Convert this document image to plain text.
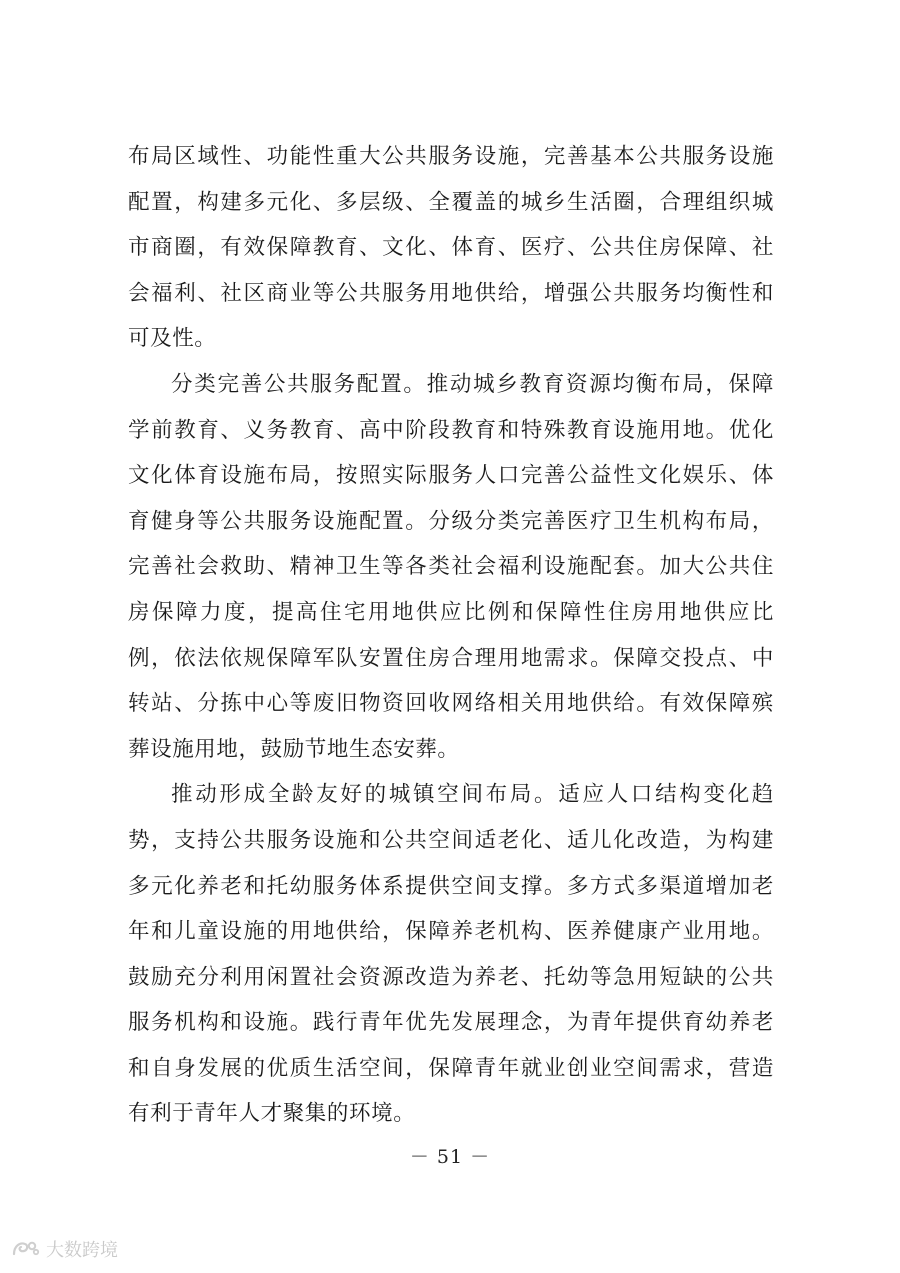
布局区域性、功能性重大公共服务设施，完善基本公共服务设施
配置，构建多元化、多层级、全覆盖的城乡生活圈，合理组织城
市商圈，有效保障教育、文化、体育、医疗、公共住房保障、社
会福利、社区商业等公共服务用地供给，增强公共服务均衡性和
可及性。

分类完善公共服务配置。推动城乡教育资源均衡布局，保障
学前教育、义务教育、高中阶段教育和特殊教育设施用地。优化
文化体育设施布局，按照实际服务人口完善公益性文化娱乐、体
育健身等公共服务设施配置。分级分类完善医疗卫生机构布局，
完善社会救助、精神卫生等各类社会福利设施配套。加大公共住
房保障力度，提高住宅用地供应比例和保障性住房用地供应比
例，依法依规保障军队安置住房合理用地需求。保障交投点、中
转站、分拣中心等废旧物资回收网络相关用地供给。有效保障殡
葬设施用地，鼓励节地生态安葬。

推动形成全龄友好的城镇空间布局。适应人口结构变化趋
势，支持公共服务设施和公共空间适老化、适儿化改造，为构建
多元化养老和托幼服务体系提供空间支撑。多方式多渠道增加老
年和儿童设施的用地供给，保障养老机构、医养健康产业用地。
鼓励充分利用闲置社会资源改造为养老、托幼等急用短缺的公共
服务机构和设施。践行青年优先发展理念，为青年提供育幼养老
和自身发展的优质生活空间，保障青年就业创业空间需求，营造
有利于青年人才聚集的环境。

－ 51 －
大数跨境
